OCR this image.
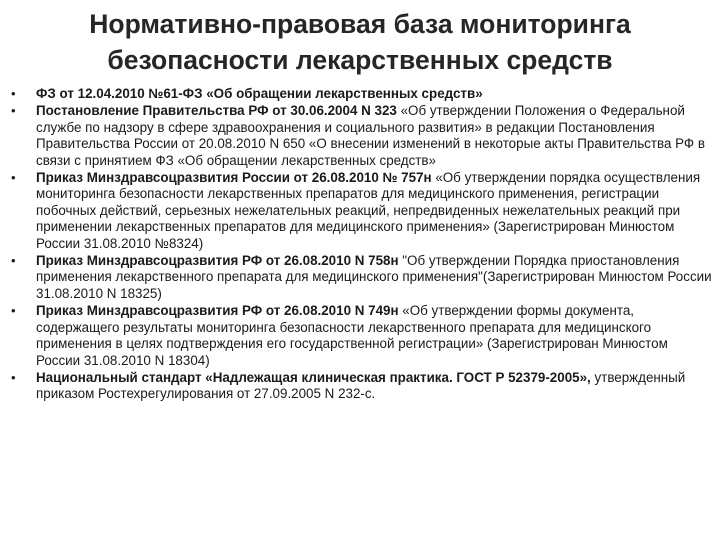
Нормативно-правовая база мониторинга
безопасности лекарственных средств
• ФЗ от 12.04.2010 №61-ФЗ «Об обращении лекарственных средств»
• Постановление Правительства РФ от 30.06.2004 N 323 «Об утверждении Положения о Федеральной службе по надзору в сфере здравоохранения и социального развития» в редакции Постановления Правительства России от 20.08.2010 N 650 «О внесении изменений в некоторые акты Правительства РФ в связи с принятием ФЗ «Об обращении лекарственных средств»
• Приказ Минздравсоцразвития России от 26.08.2010 № 757н «Об утверждении порядка осуществления мониторинга безопасности лекарственных препаратов для медицинского применения, регистрации побочных действий, серьезных нежелательных реакций, непредвиденных нежелательных реакций при применении лекарственных препаратов для медицинского применения» (Зарегистрирован Минюстом России 31.08.2010 №8324)
• Приказ Минздравсоцразвития РФ от 26.08.2010 N 758н "Об утверждении Порядка приостановления применения лекарственного препарата для медицинского применения"(Зарегистрирован Минюстом России 31.08.2010 N 18325)
• Приказ Минздравсоцразвития РФ от 26.08.2010 N 749н «Об утверждении формы документа, содержащего результаты мониторинга безопасности лекарственного препарата для медицинского применения в целях подтверждения его государственной регистрации» (Зарегистрирован Минюстом России 31.08.2010 N 18304)
• Национальный стандарт «Надлежащая клиническая практика. ГОСТ Р 52379-2005», утвержденный приказом Ростехрегулирования от 27.09.2005 N 232-с.
